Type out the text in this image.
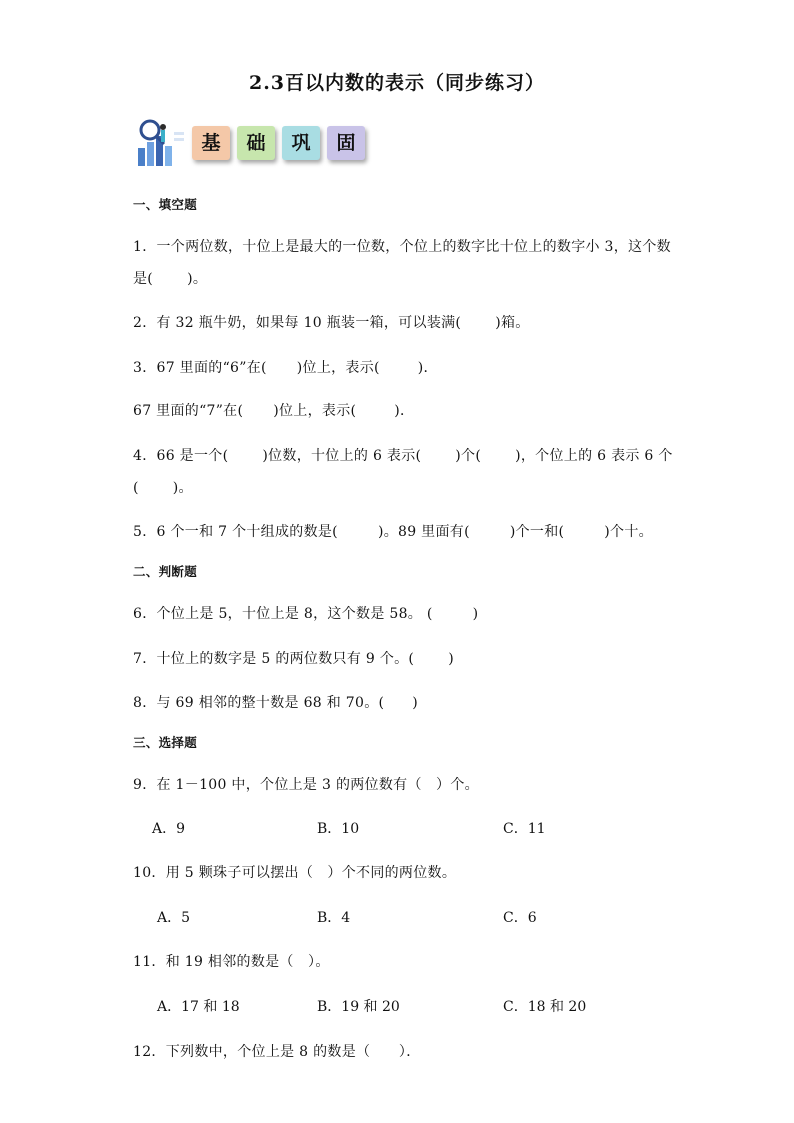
2.3百以内数的表示（同步练习）
基	础	巩	固
一、填空题
1．一个两位数，十位上是最大的一位数，个位上的数字比十位上的数字小 3，这个数
是( )。
2．有 32 瓶牛奶，如果每 10 瓶装一箱，可以装满( )箱。
3．67 里面的“6”在( )位上，表示(	)．
67 里面的“7”在( )位上，表示(	)．
4．66 是一个( )位数，十位上的 6 表示( )个( )，个位上的 6 表示 6 个
( )。
5．6 个一和 7 个十组成的数是(	)。89 里面有(	)个一和(	)个十。
二、判断题
6．个位上是 5，十位上是 8，这个数是 58。 (	)
7．十位上的数字是 5 的两位数只有 9 个。( )
8．与 69 相邻的整十数是 68 和 70。( )
三、选择题
9．在 1－100 中，个位上是 3 的两位数有（　）个。
A．9	B．10	C．11
10．用 5 颗珠子可以摆出（　）个不同的两位数。
A．5	B．4	C．6
11．和 19 相邻的数是（　）。
A．17 和 18	B．19 和 20	C．18 和 20
12．下列数中，个位上是 8 的数是（　　）．
